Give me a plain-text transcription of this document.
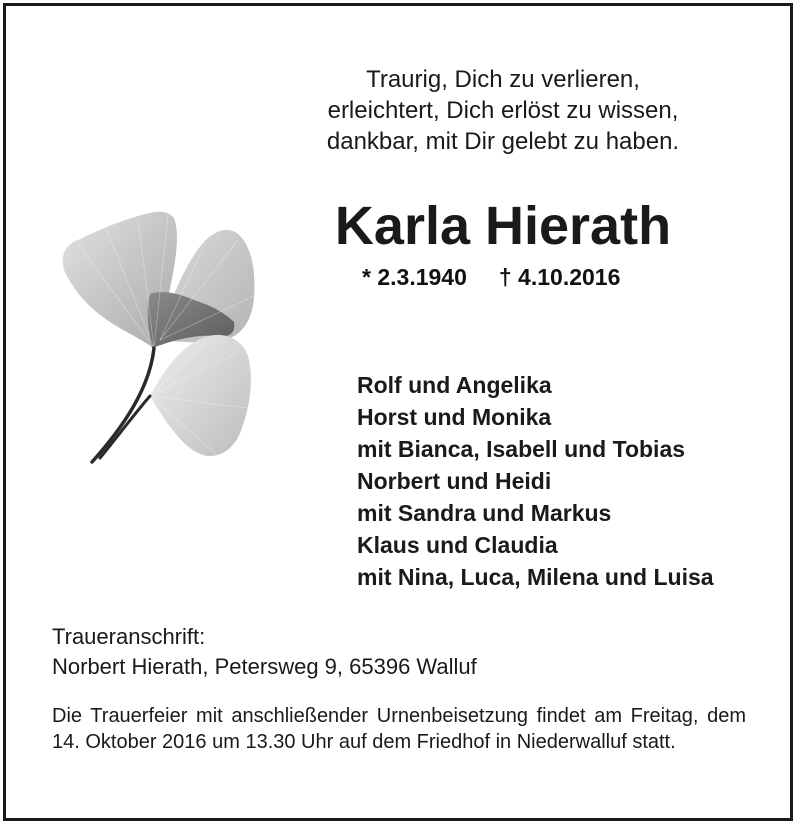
Traurig, Dich zu verlieren,
erleichtert, Dich erlöst zu wissen,
dankbar, mit Dir gelebt zu haben.
Karla Hierath
* 2.3.1940 † 4.10.2016
Rolf und Angelika
Horst und Monika
mit Bianca, Isabell und Tobias
Norbert und Heidi
mit Sandra und Markus
Klaus und Claudia
mit Nina, Luca, Milena und Luisa
Traueranschrift:
Norbert Hierath, Petersweg 9, 65396 Walluf
Die Trauerfeier mit anschließender Urnenbeisetzung findet am Freitag, dem 14. Oktober 2016 um 13.30 Uhr auf dem Friedhof in Niederwalluf statt.
